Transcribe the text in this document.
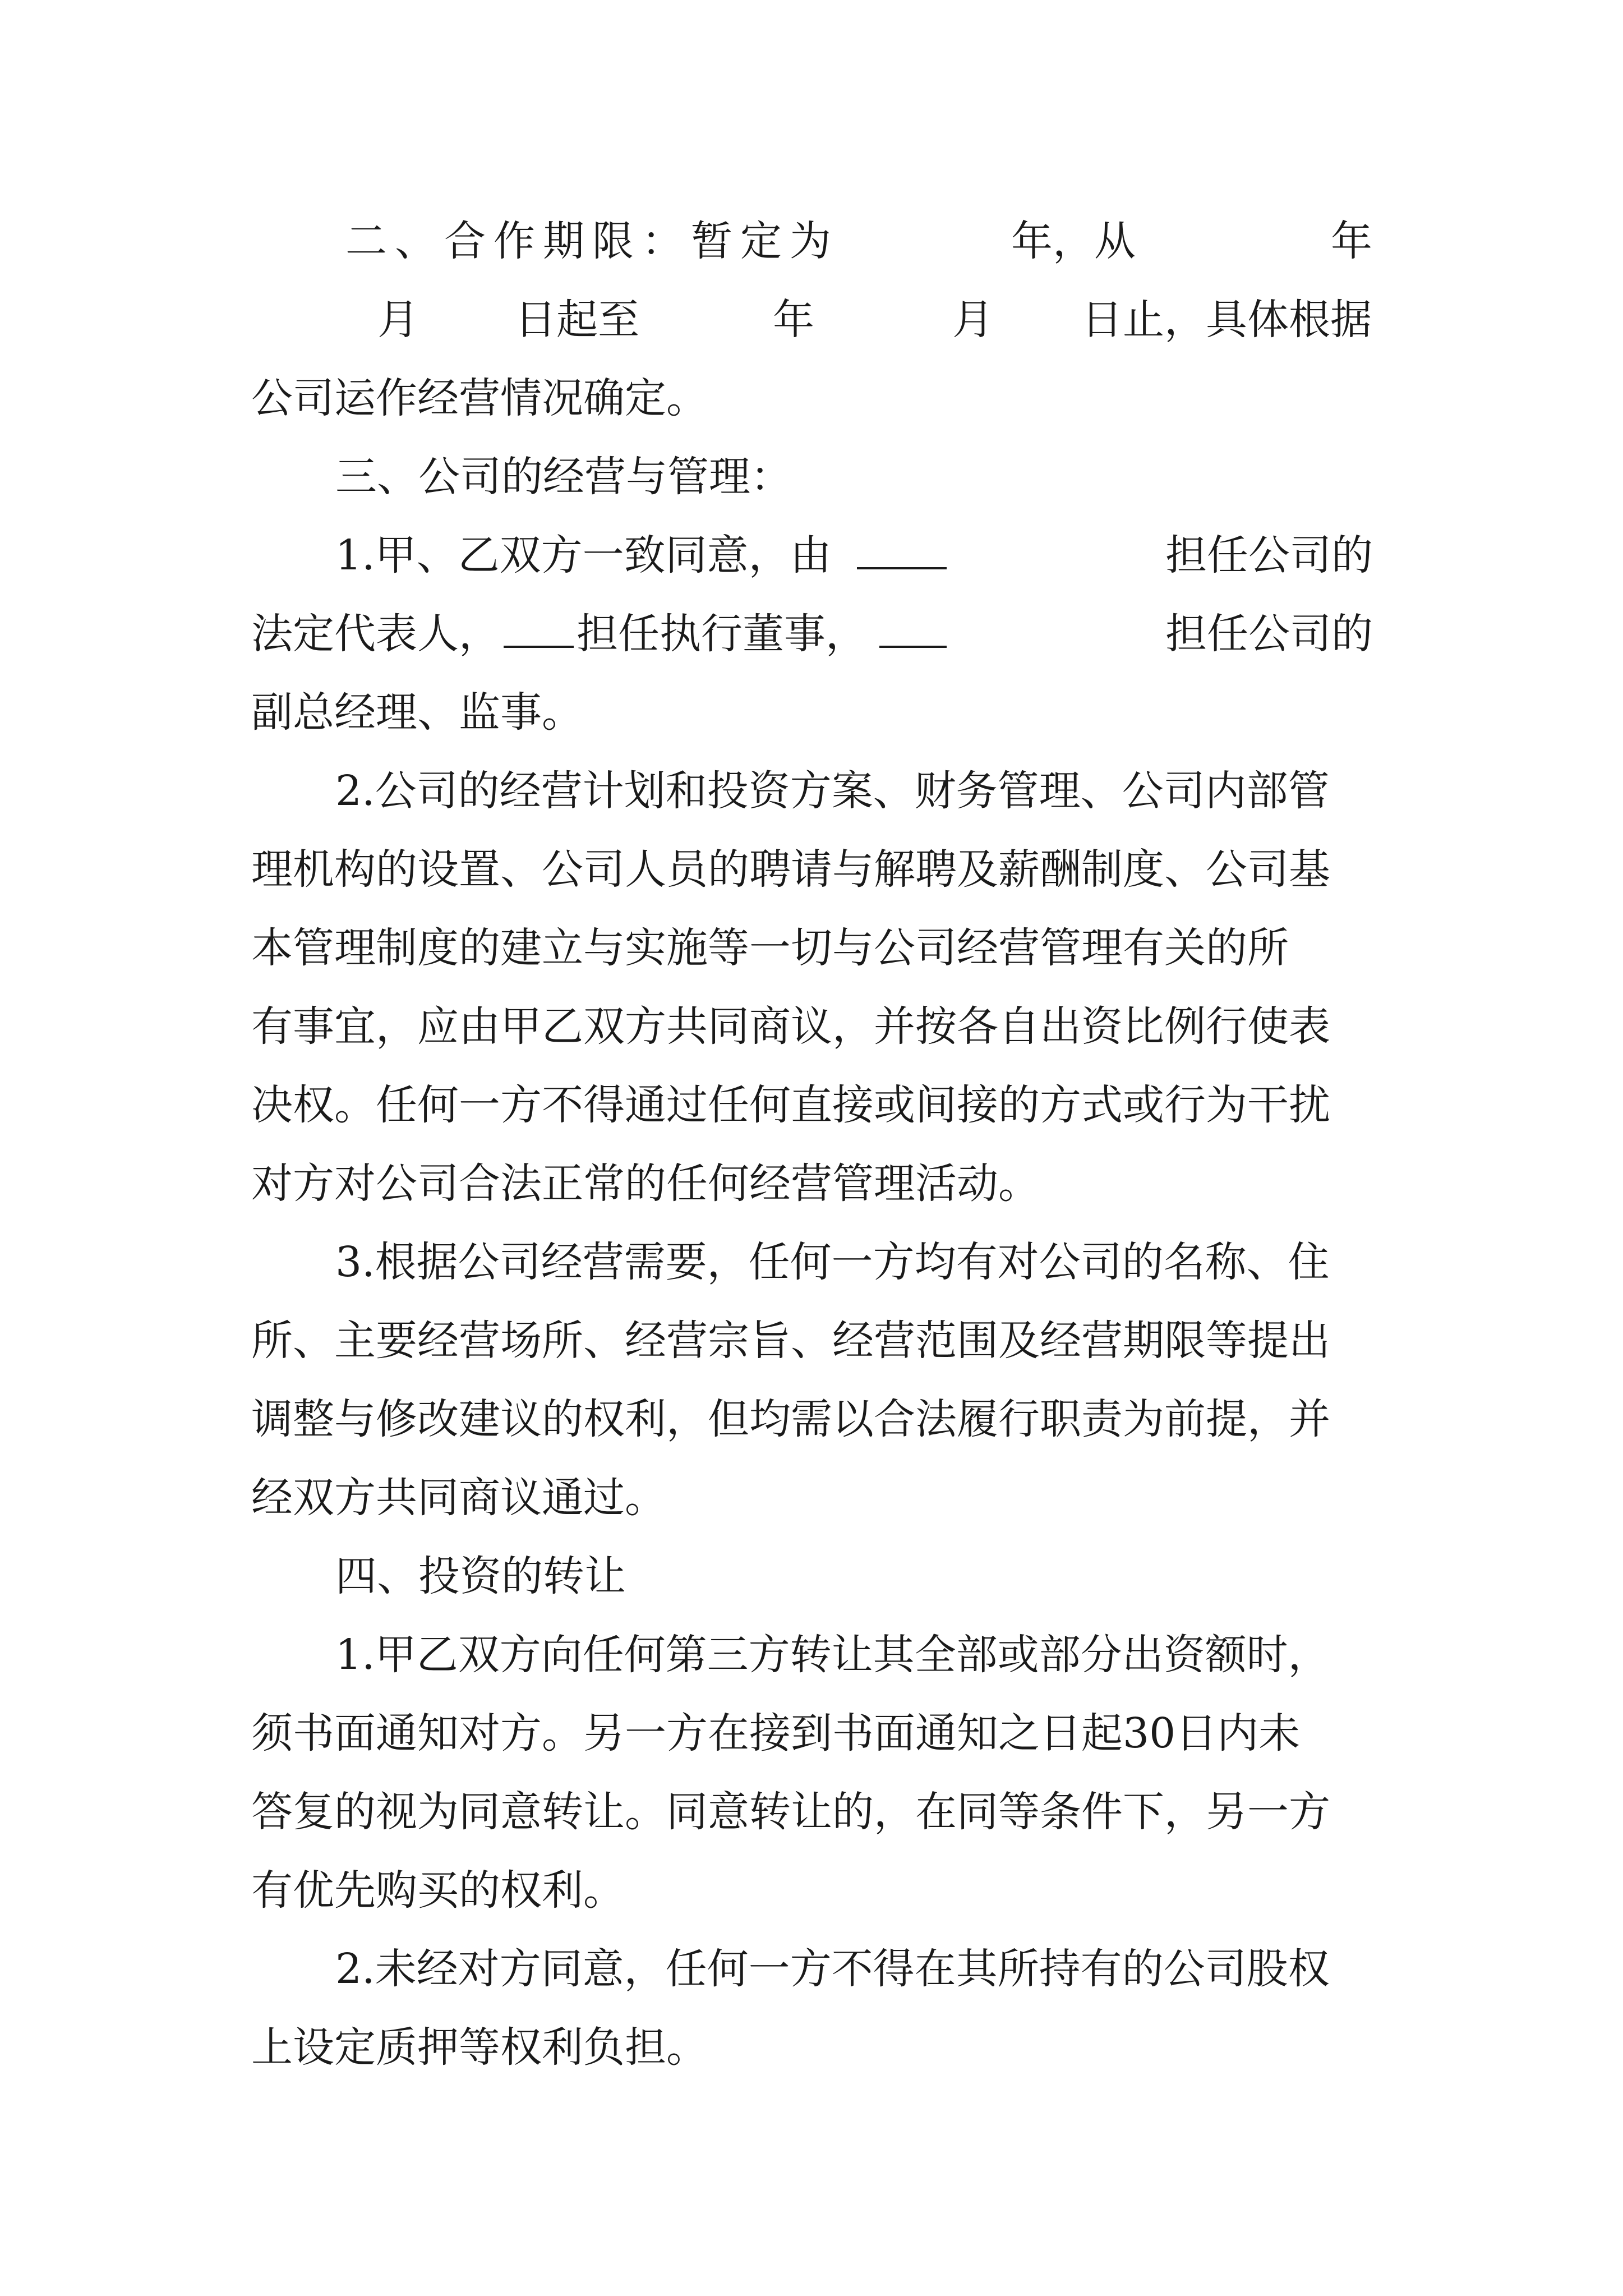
二、合作期限：暂定为	年，从	年
月 日起至	年	月 日止，具体根据
公司运作经营情况确定。
三、公司的经营与管理：
1.甲、乙双方一致同意，由	担任公司的
法定代表人， 担任执行董事，	担任公司的
副总经理、监事。
2.公司的经营计划和投资方案、财务管理、公司内部管
理机构的设置、公司人员的聘请与解聘及薪酬制度、公司基
本管理制度的建立与实施等一切与公司经营管理有关的所
有事宜，应由甲乙双方共同商议，并按各自出资比例行使表
决权。任何一方不得通过任何直接或间接的方式或行为干扰
对方对公司合法正常的任何经营管理活动。
3.根据公司经营需要，任何一方均有对公司的名称、住
所、主要经营场所、经营宗旨、经营范围及经营期限等提出
调整与修改建议的权利，但均需以合法履行职责为前提，并
经双方共同商议通过。
四、投资的转让
1.甲乙双方向任何第三方转让其全部或部分出资额时，
须书面通知对方。另一方在接到书面通知之日起30日内未
答复的视为同意转让。同意转让的，在同等条件下，另一方
有优先购买的权利。
2.未经对方同意，任何一方不得在其所持有的公司股权
上设定质押等权利负担。
